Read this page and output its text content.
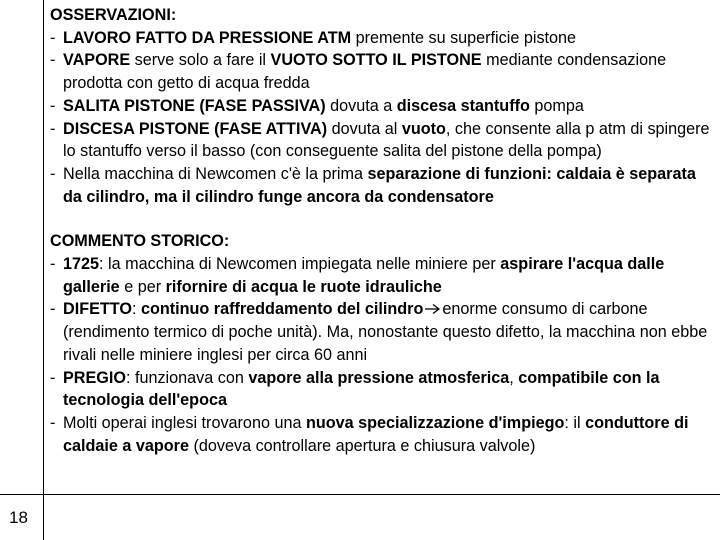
18
OSSERVAZIONI:
- LAVORO FATTO DA PRESSIONE ATM premente su superficie pistone
- VAPORE serve solo a fare il VUOTO SOTTO IL PISTONE mediante condensazione prodotta con getto di acqua fredda
- SALITA PISTONE (FASE PASSIVA) dovuta a discesa stantuffo pompa
- DISCESA PISTONE (FASE ATTIVA) dovuta al vuoto, che consente alla p atm di spingere lo stantuffo verso il basso (con conseguente salita del pistone della pompa)
- Nella macchina di Newcomen c'è la prima separazione di funzioni: caldaia è separata da cilindro, ma il cilindro funge ancora da condensatore
COMMENTO STORICO:
- 1725: la macchina di Newcomen impiegata nelle miniere per aspirare l'acqua dalle gallerie e per rifornire di acqua le ruote idrauliche
- DIFETTO: continuo raffreddamento del cilindro enorme consumo di carbone (rendimento termico di poche unità). Ma, nonostante questo difetto, la macchina non ebbe rivali nelle miniere inglesi per circa 60 anni
- PREGIO: funzionava con vapore alla pressione atmosferica, compatibile con la tecnologia dell'epoca
- Molti operai inglesi trovarono una nuova specializzazione d'impiego: il conduttore di caldaie a vapore (doveva controllare apertura e chiusura valvole)
